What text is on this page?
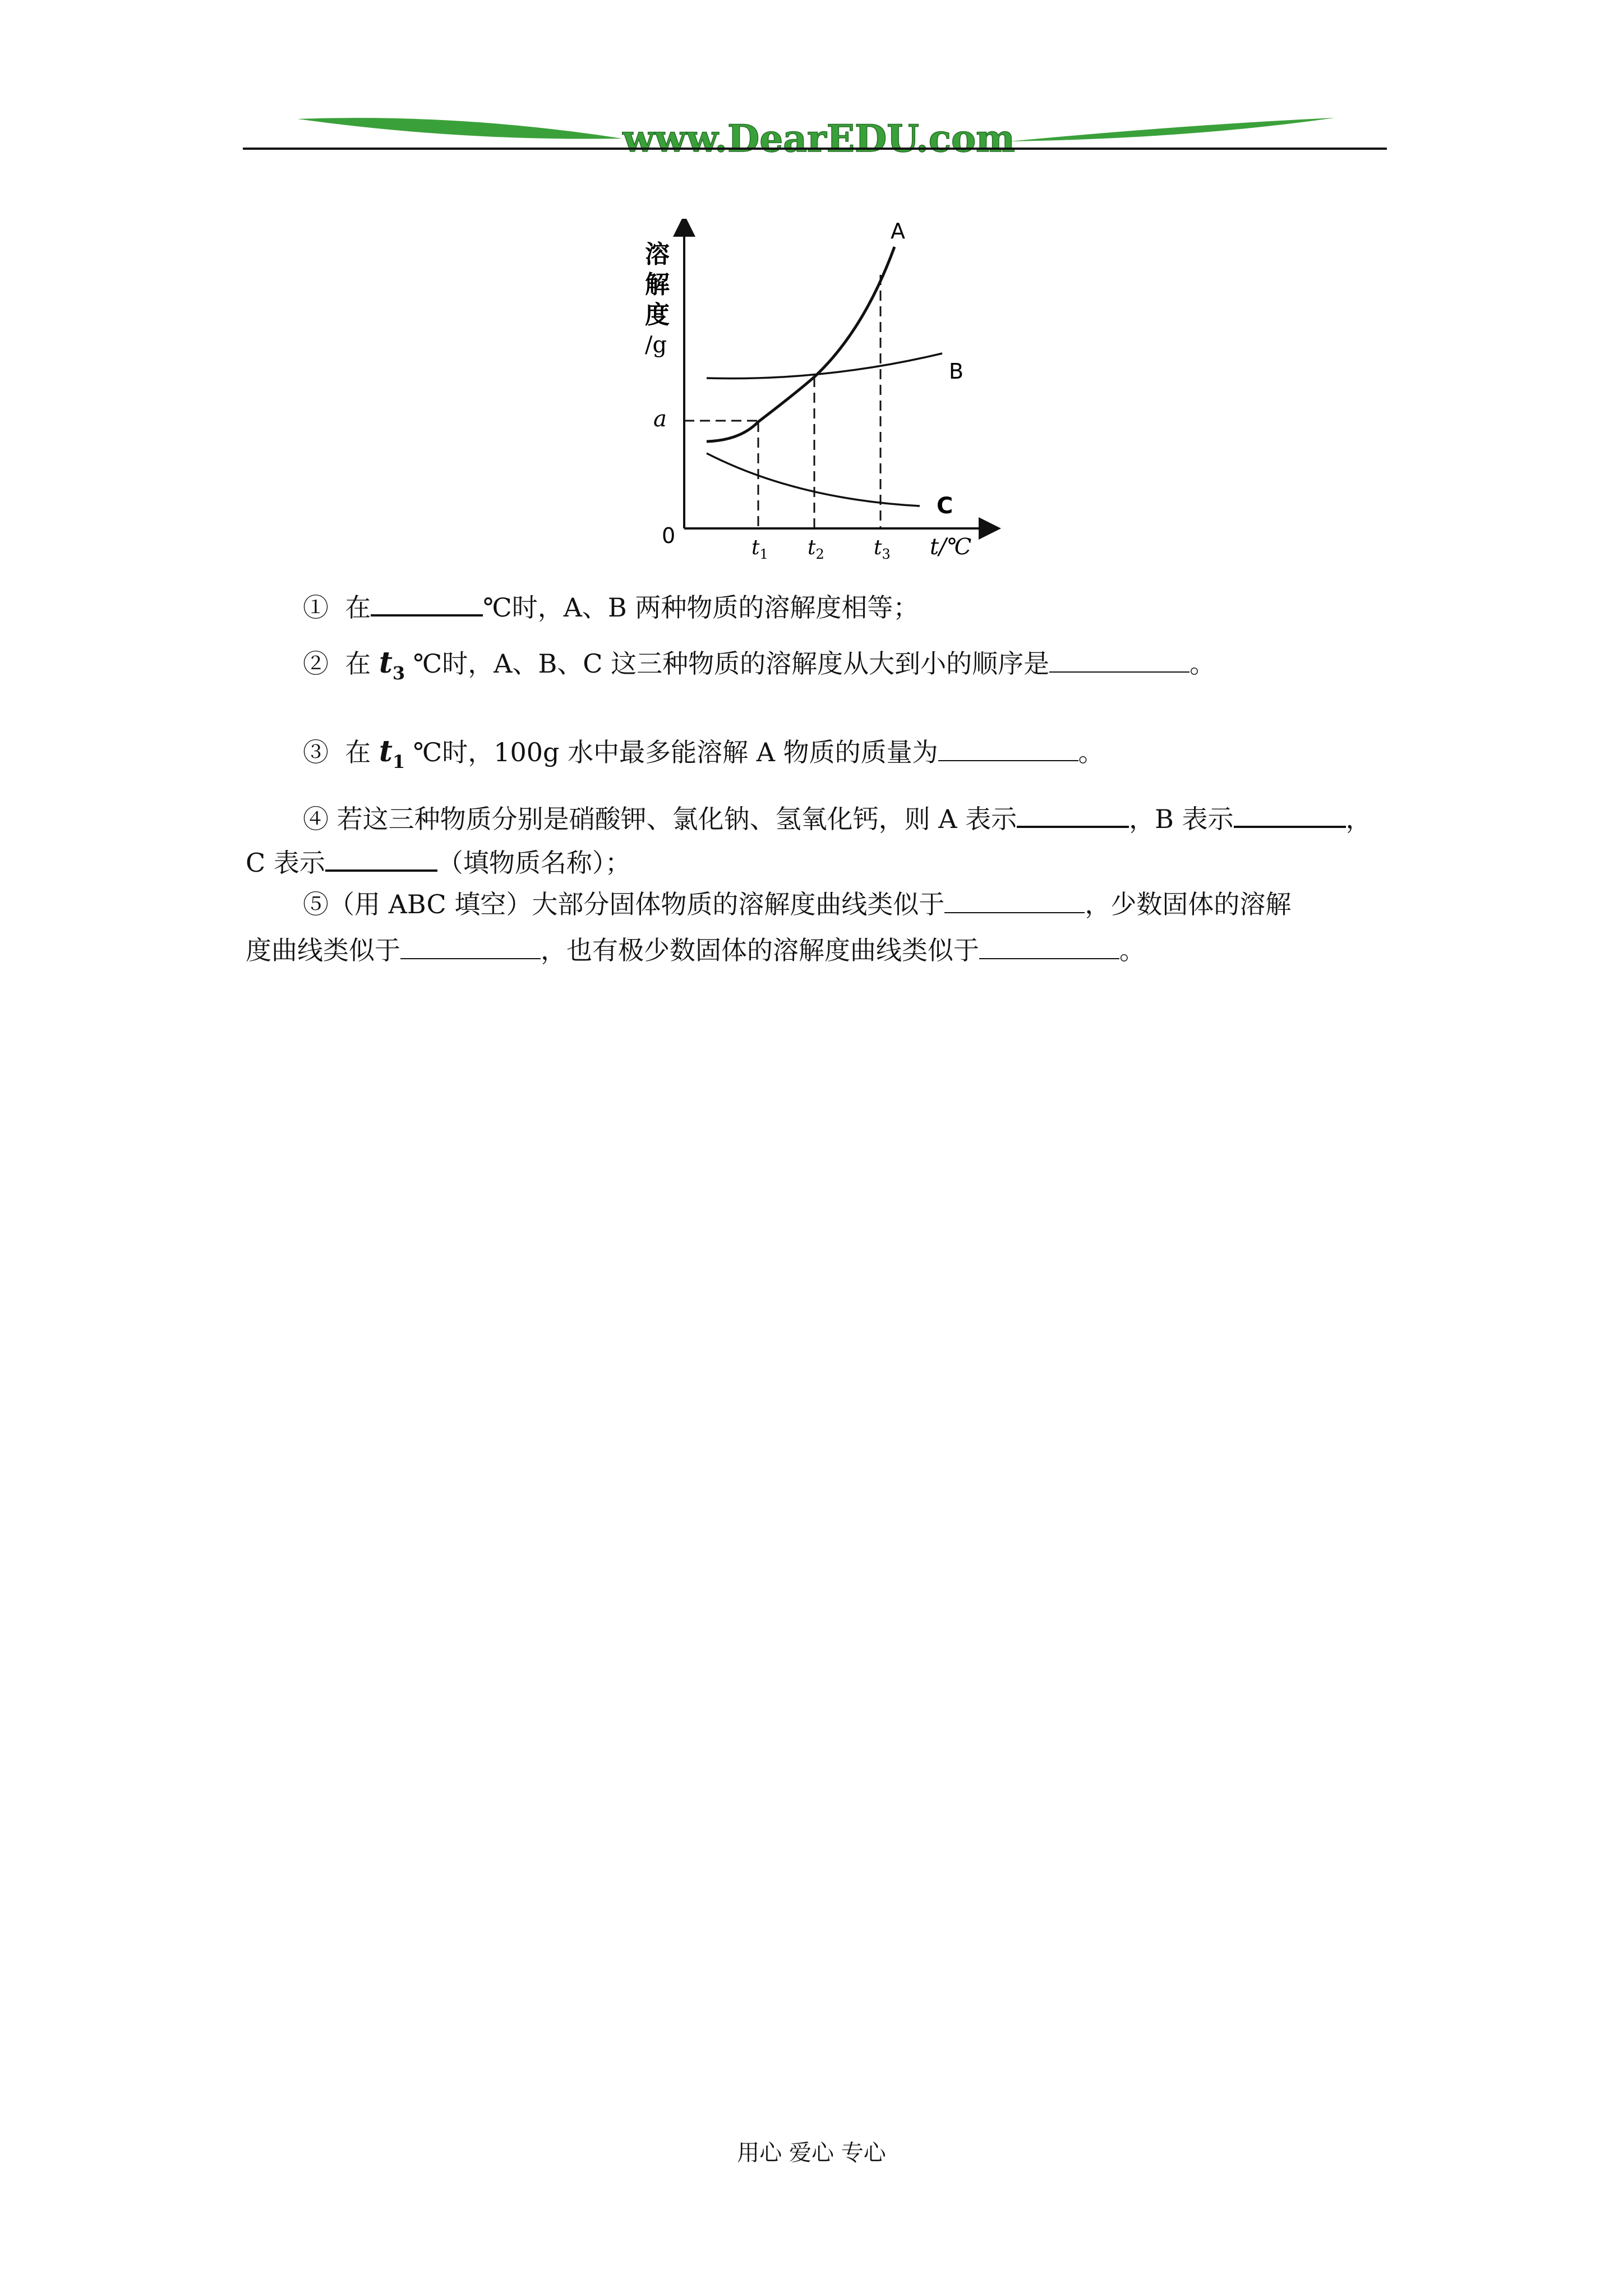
www.DearEDU.com
溶
解
度
/g
a
0
A
B
C
$t_1$ $t_2$ $t_3$ t/℃
① 在	℃时，A、B 两种物质的溶解度相等；
② 在 $t_3$ ℃时，A、B、C 这三种物质的溶解度从大到小的顺序是	。
③ 在 $t_1$ ℃时，100g 水中最多能溶解 A 物质的质量为	。
④ 若这三种物质分别是硝酸钾、氯化钠、氢氧化钙，则 A 表示	，B 表示	，
C 表示	（填物质名称）；
⑤（用 ABC 填空）大部分固体物质的溶解度曲线类似于	，少数固体的溶解
度曲线类似于	，也有极少数固体的溶解度曲线类似于	。
用心 爱心 专心
